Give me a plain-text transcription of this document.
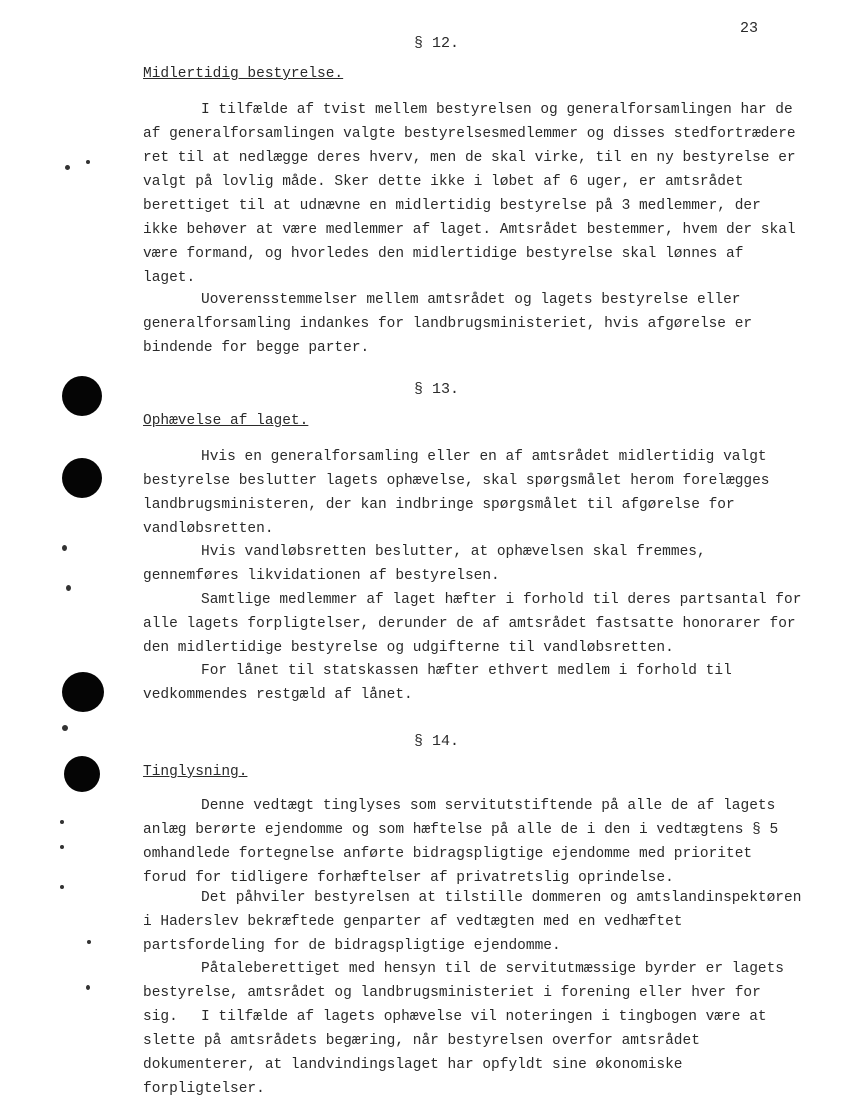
23
§ 12.
Midlertidig bestyrelse.

I tilfælde af tvist mellem bestyrelsen og generalforsamlingen har de af generalforsamlingen valgte bestyrelsesmedlemmer og disses stedfortrædere ret til at nedlægge deres hverv, men de skal virke, til en ny bestyrelse er valgt på lovlig måde. Sker dette ikke i løbet af 6 uger, er amtsrådet berettiget til at udnævne en midlertidig bestyrelse på 3 medlemmer, der ikke behøver at være medlemmer af laget. Amtsrådet bestemmer, hvem der skal være formand, og hvorledes den midlertidige bestyrelse skal lønnes af laget.

Uoverensstemmelser mellem amtsrådet og lagets bestyrelse eller generalforsamling indankes for landbrugsministeriet, hvis afgørelse er bindende for begge parter.

§ 13.
Ophævelse af laget.

Hvis en generalforsamling eller en af amtsrådet midlertidig valgt bestyrelse beslutter lagets ophævelse, skal spørgsmålet herom forelægges landbrugsministeren, der kan indbringe spørgsmålet til afgørelse for vandløbsretten.

Hvis vandløbsretten beslutter, at ophævelsen skal fremmes, gennemføres likvidationen af bestyrelsen.

Samtlige medlemmer af laget hæfter i forhold til deres partsantal for alle lagets forpligtelser, derunder de af amtsrådet fastsatte honorarer for den midlertidige bestyrelse og udgifterne til vandløbsretten.

For lånet til statskassen hæfter ethvert medlem i forhold til vedkommendes restgæld af lånet.

§ 14.
Tinglysning.

Denne vedtægt tinglyses som servitutstiftende på alle de af lagets anlæg berørte ejendomme og som hæftelse på alle de i den i vedtægtens § 5 omhandlede fortegnelse anførte bidragspligtige ejendomme med prioritet forud for tidligere forhæftelser af privatretslig oprindelse.

Det påhviler bestyrelsen at tilstille dommeren og amtslandinspektøren i Haderslev bekræftede genparter af vedtægten med en vedhæftet partsfordeling for de bidragspligtige ejendomme.

Påtaleberettiget med hensyn til de servitutmæssige byrder er lagets bestyrelse, amtsrådet og landbrugsministeriet i forening eller hver for sig.	I tilfælde af lagets ophævelse vil noteringen i tingbogen være at slette på amtsrådets begæring, når bestyrelsen overfor amtsrådet dokumenterer, at landvindingslaget har opfyldt sine økonomiske forpligtelser.
